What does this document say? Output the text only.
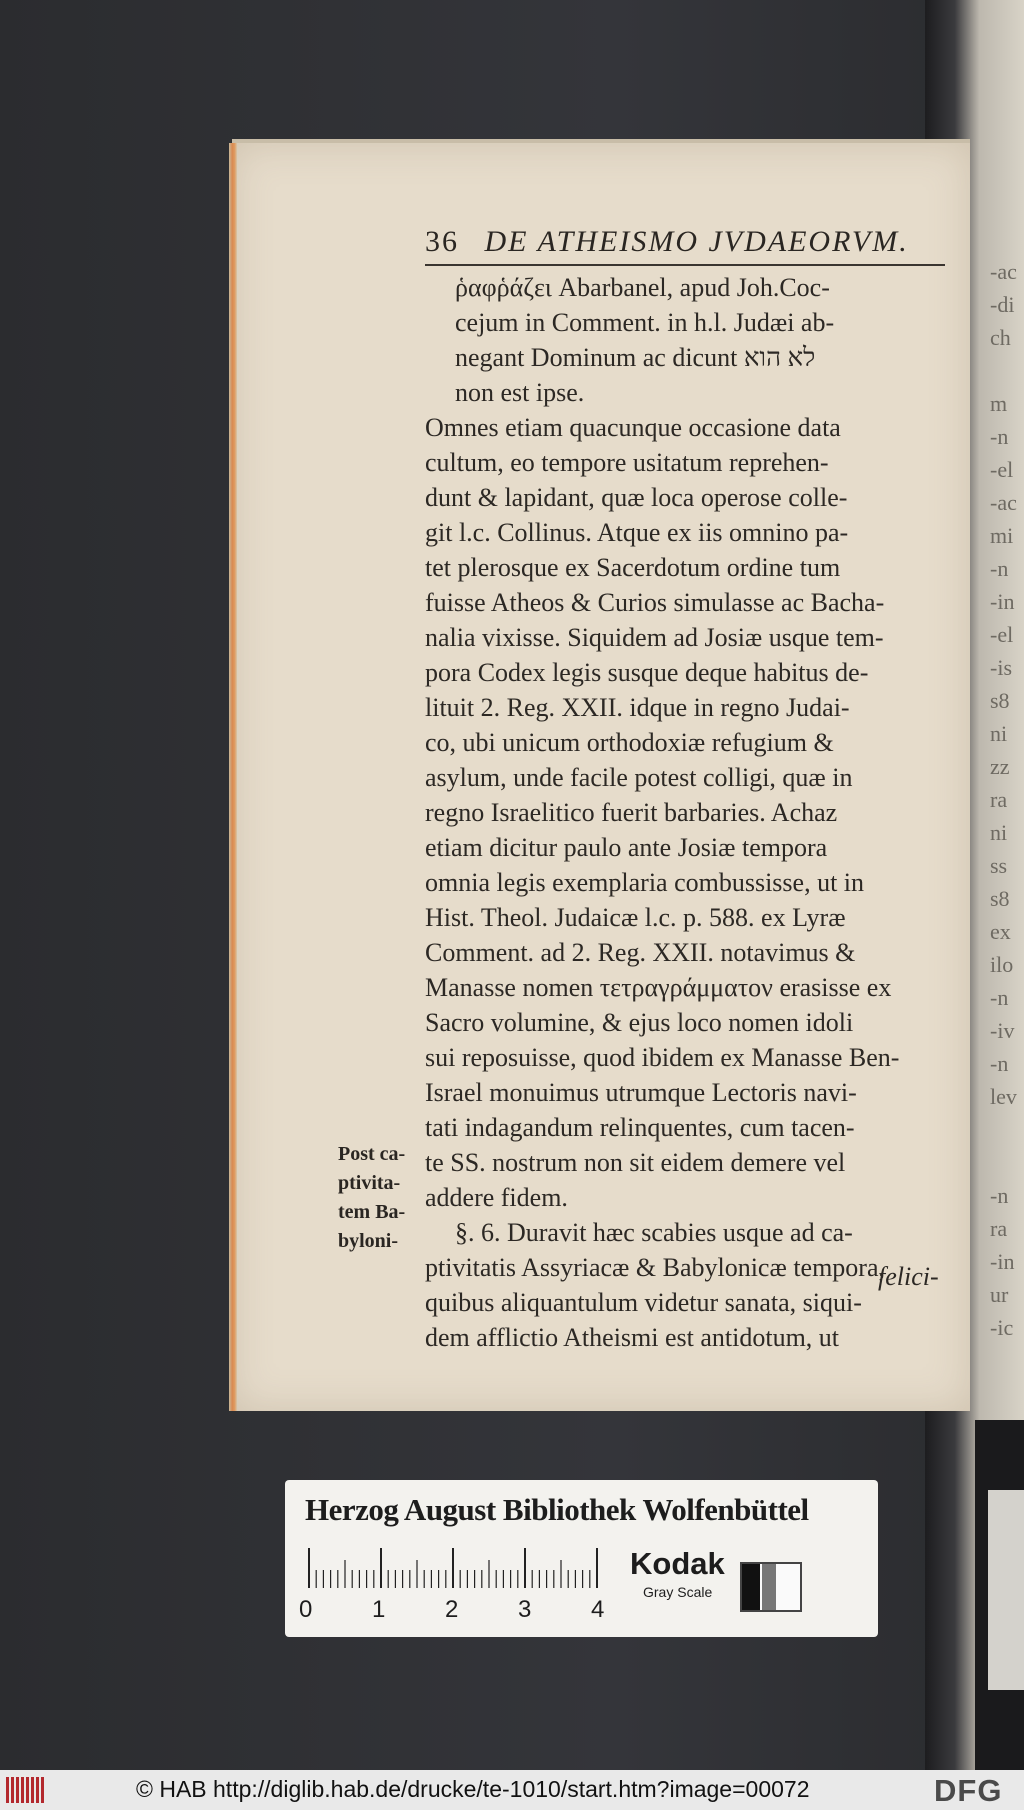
-ac
-di
ch
m
-n
-el
-ac
mi
-n
-in
-el
-is
s8
ni
zz
ra
ni
ss
s8
ex
ilo
-n
-iv
-n
lev
-n
ra
-in
ur
-ic
36 DE ATHEISMO JVDAEORVM.
ῥαφῥάζει Abarbanel, apud Joh.Coc-
cejum in Comment. in h.l. Judæi ab-
negant Dominum ac dicunt לא הוא
non est ipse.
Omnes etiam quacunque occasione data
cultum, eo tempore usitatum reprehen-
dunt & lapidant, quæ loca operose colle-
git l.c. Collinus. Atque ex iis omnino pa-
tet plerosque ex Sacerdotum ordine tum
fuisse Atheos & Curios simulasse ac Bacha-
nalia vixisse. Siquidem ad Josiæ usque tem-
pora Codex legis susque deque habitus de-
lituit 2. Reg. XXII. idque in regno Judai-
co, ubi unicum orthodoxiæ refugium &
asylum, unde facile potest colligi, quæ in
regno Israelitico fuerit barbaries. Achaz
etiam dicitur paulo ante Josiæ tempora
omnia legis exemplaria combussisse, ut in
Hist. Theol. Judaicæ l.c. p. 588. ex Lyræ
Comment. ad 2. Reg. XXII. notavimus &
Manasse nomen τετραγράμματον erasisse ex
Sacro volumine, & ejus loco nomen idoli
sui reposuisse, quod ibidem ex Manasse Ben-
Israel monuimus utrumque Lectoris navi-
tati indagandum relinquentes, cum tacen-
te SS. nostrum non sit eidem demere vel
addere fidem.
§. 6. Duravit hæc scabies usque ad ca-
ptivitatis Assyriacæ & Babylonicæ tempora,
quibus aliquantulum videtur sanata, siqui-
dem afflictio Atheismi est antidotum, ut
Post ca-
ptivita-
tem Ba-
byloni-
felici-
Herzog August Bibliothek Wolfenbüttel
0 1 2 3 4
Kodak
Gray Scale
© HAB http://diglib.hab.de/drucke/te-1010/start.htm?image=00072	DFG
